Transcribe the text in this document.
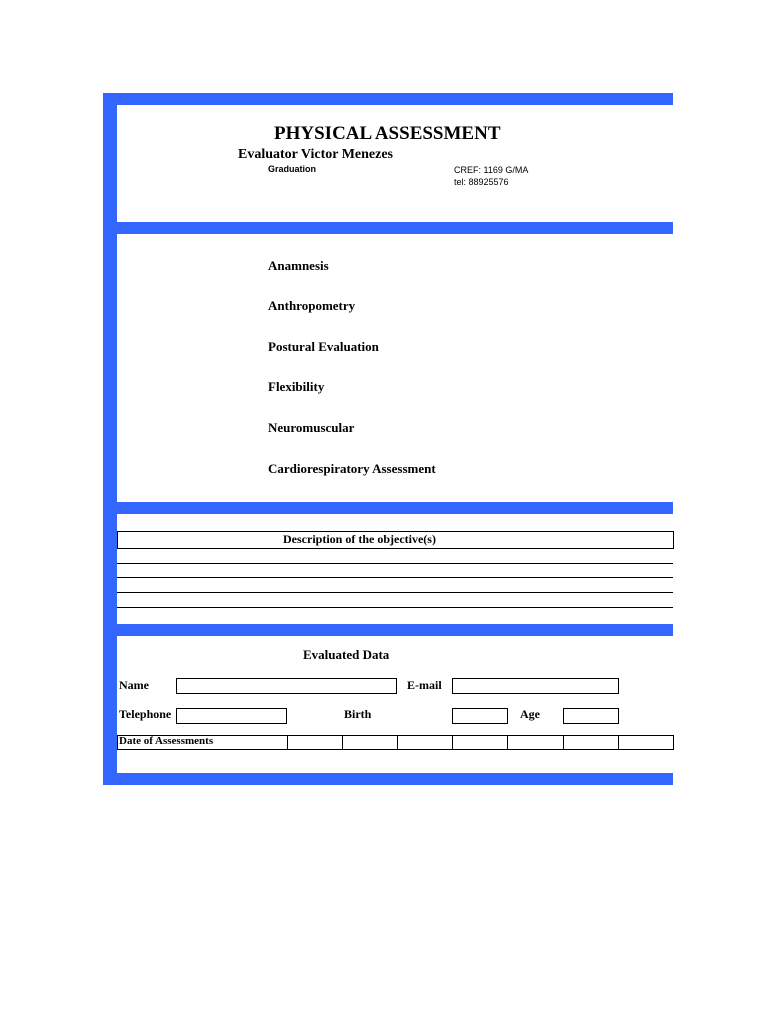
PHYSICAL ASSESSMENT
Evaluator Victor Menezes
Graduation	CREF: 1169 G/MA
tel: 88925576
Anamnesis
Anthropometry
Postural Evaluation
Flexibility
Neuromuscular
Cardiorespiratory Assessment
Description of the objective(s)
Evaluated Data
Name	E-mail
Telephone	Birth	Age
Date of Assessments
